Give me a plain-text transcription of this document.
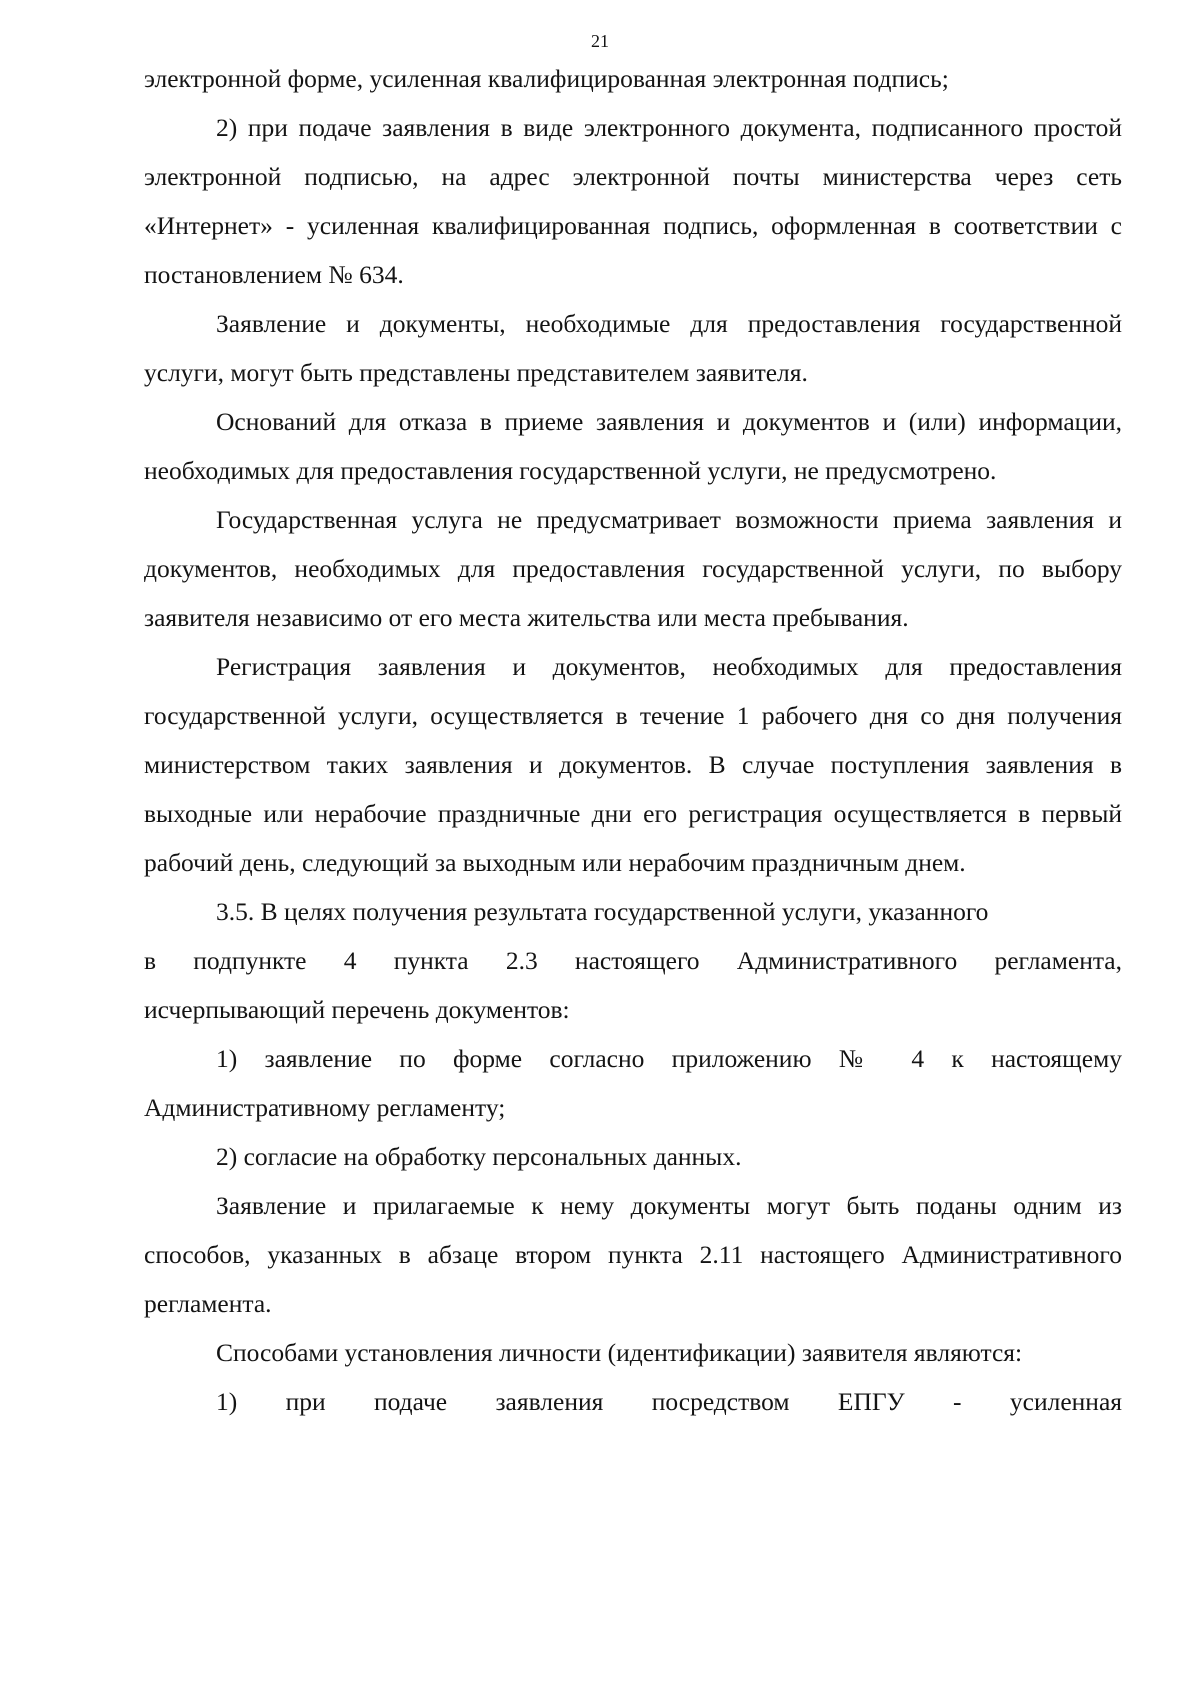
21

электронной форме, усиленная квалифицированная электронная подпись;

2) при подаче заявления в виде электронного документа, подписанного простой электронной подписью, на адрес электронной почты министерства через сеть «Интернет» - усиленная квалифицированная подпись, оформленная в соответствии с постановлением № 634.

Заявление и документы, необходимые для предоставления государственной услуги, могут быть представлены представителем заявителя.

Оснований для отказа в приеме заявления и документов и (или) информации, необходимых для предоставления государственной услуги, не предусмотрено.

Государственная услуга не предусматривает возможности приема заявления и документов, необходимых для предоставления государственной услуги, по выбору заявителя независимо от его места жительства или места пребывания.

Регистрация заявления и документов, необходимых для предоставления государственной услуги, осуществляется в течение 1 рабочего дня со дня получения министерством таких заявления и документов. В случае поступления заявления в выходные или нерабочие праздничные дни его регистрация осуществляется в первый рабочий день, следующий за выходным или нерабочим праздничным днем.

3.5. В целях получения результата государственной услуги, указанного
в подпункте 4 пункта 2.3 настоящего Административного регламента,
исчерпывающий перечень документов:

1) заявление по форме согласно приложению № 4 к настоящему Административному регламенту;

2) согласие на обработку персональных данных.

Заявление и прилагаемые к нему документы могут быть поданы одним из способов, указанных в абзаце втором пункта 2.11 настоящего Административного регламента.

Способами установления личности (идентификации) заявителя являются:

1) при подаче заявления посредством ЕПГУ - усиленная
